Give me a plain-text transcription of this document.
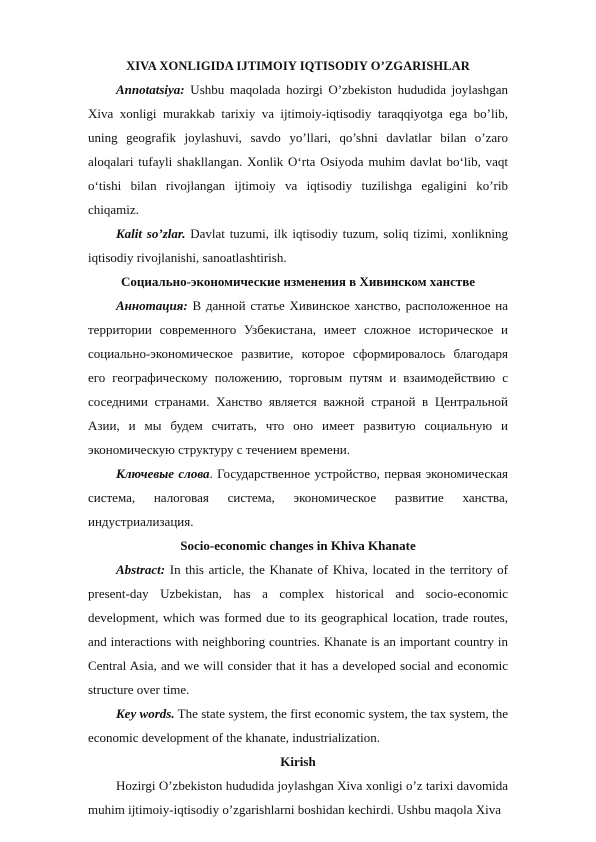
XIVA XONLIGIDA IJTIMOIY IQTISODIY O’ZGARISHLAR

Annotatsiya: Ushbu maqolada hozirgi O’zbekiston hududida joylashgan Xiva xonligi murakkab tarixiy va ijtimoiy-iqtisodiy taraqqiyotga ega bo’lib, uning geografik joylashuvi, savdo yo’llari, qo’shni davlatlar bilan o’zaro aloqalari tufayli shakllangan. Xonlik O‘rta Osiyoda muhim davlat bo‘lib, vaqt o‘tishi bilan rivojlangan ijtimoiy va iqtisodiy tuzilishga egaligini ko’rib chiqamiz.

Kalit so’zlar. Davlat tuzumi, ilk iqtisodiy tuzum, soliq tizimi, xonlikning iqtisodiy rivojlanishi, sanoatlashtirish.

Социально-экономические изменения в Хивинском ханстве

Аннотация: В данной статье Хивинское ханство, расположенное на территории современного Узбекистана, имеет сложное историческое и социально-экономическое развитие, которое сформировалось благодаря его географическому положению, торговым путям и взаимодействию с соседними странами. Ханство является важной страной в Центральной Азии, и мы будем считать, что оно имеет развитую социальную и экономическую структуру с течением времени.

Ключевые слова. Государственное устройство, первая экономическая система, налоговая система, экономическое развитие ханства, индустриализация.

Socio-economic changes in Khiva Khanate

Abstract: In this article, the Khanate of Khiva, located in the territory of present-day Uzbekistan, has a complex historical and socio-economic development, which was formed due to its geographical location, trade routes, and interactions with neighboring countries. Khanate is an important country in Central Asia, and we will consider that it has a developed social and economic structure over time.

Key words. The state system, the first economic system, the tax system, the economic development of the khanate, industrialization.

Kirish

Hozirgi O’zbekiston hududida joylashgan Xiva xonligi o’z tarixi davomida muhim ijtimoiy-iqtisodiy o’zgarishlarni boshidan kechirdi. Ushbu maqola Xiva
